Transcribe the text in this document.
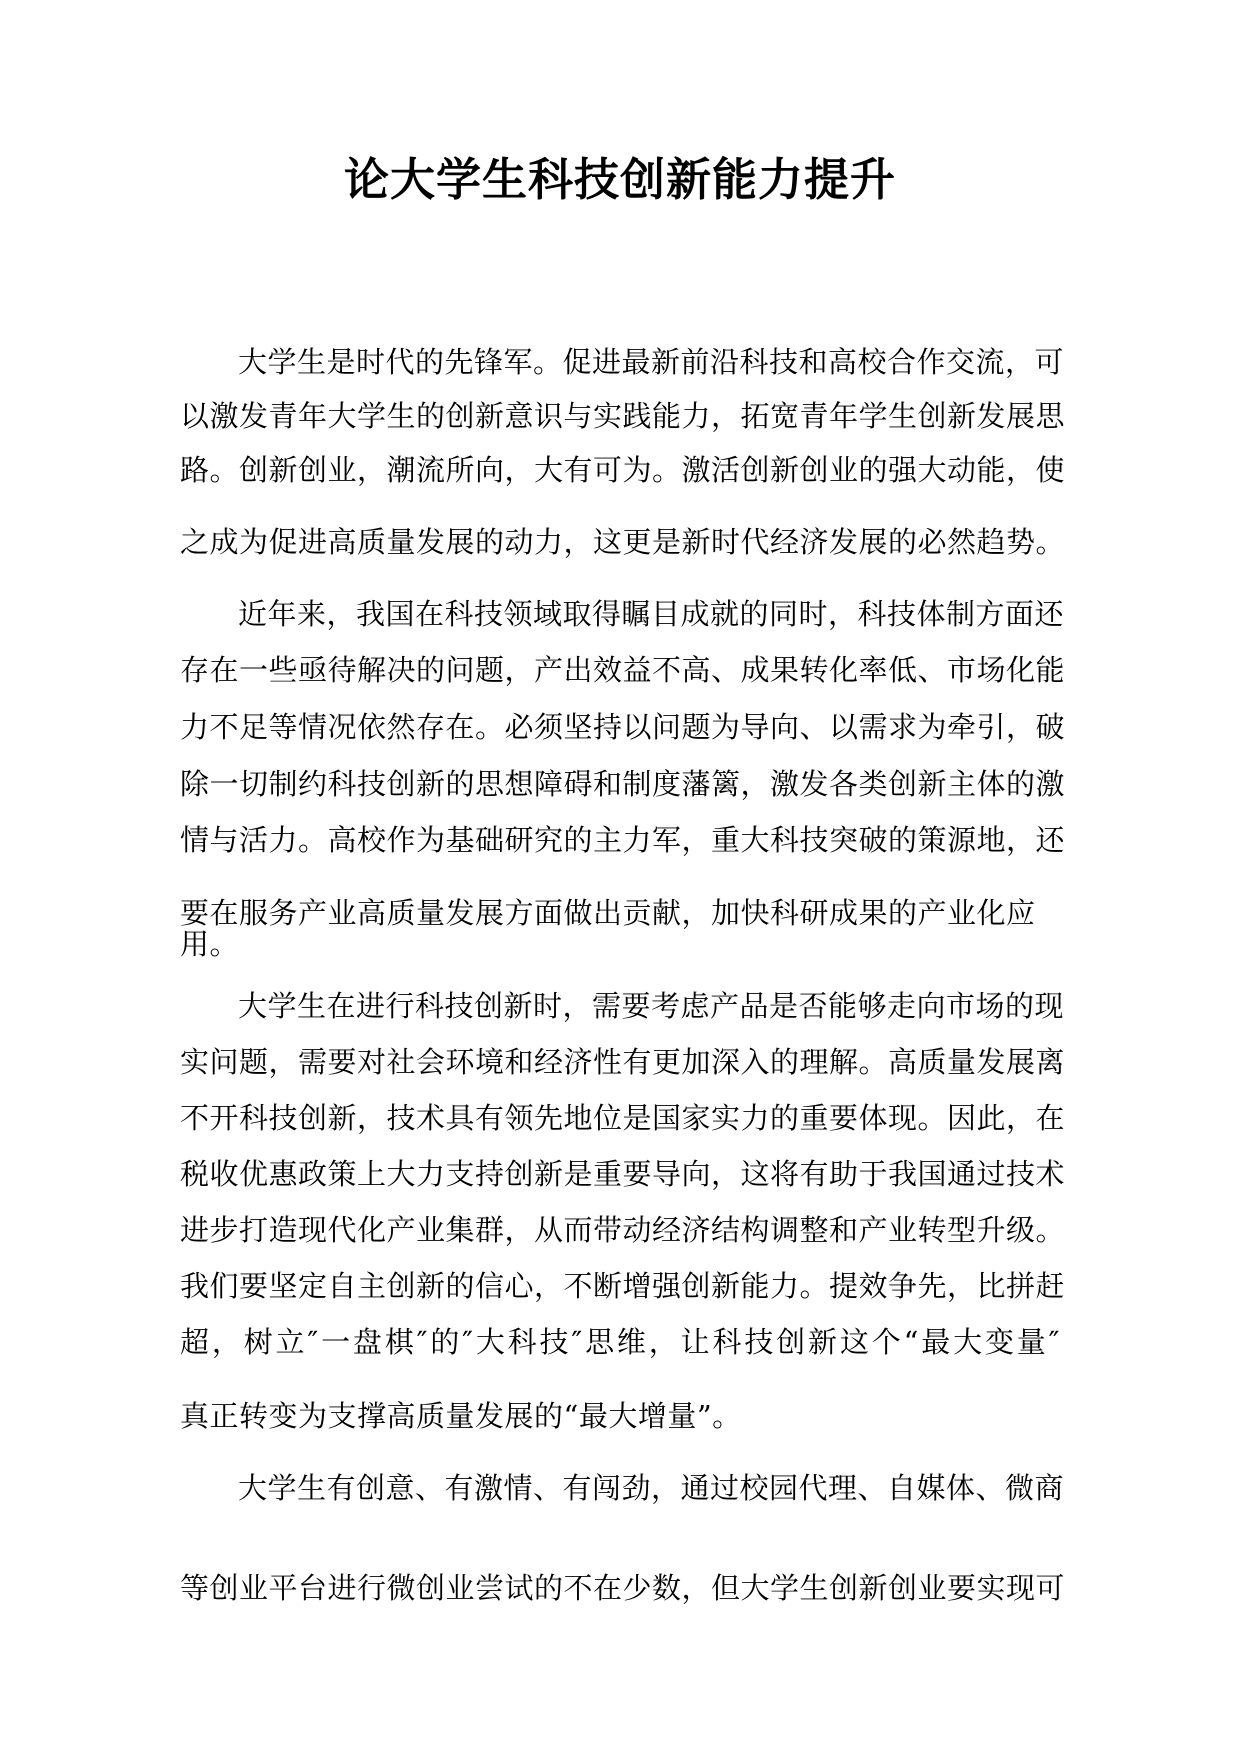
论大学生科技创新能力提升

大学生是时代的先锋军。促进最新前沿科技和高校合作交流，可

以激发青年大学生的创新意识与实践能力，拓宽青年学生创新发展思

路。创新创业，潮流所向，大有可为。激活创新创业的强大动能，使

之成为促进高质量发展的动力，这更是新时代经济发展的必然趋势。

近年来，我国在科技领域取得瞩目成就的同时，科技体制方面还

存在一些亟待解决的问题，产出效益不高、成果转化率低、市场化能

力不足等情况依然存在。必须坚持以问题为导向、以需求为牵引，破

除一切制约科技创新的思想障碍和制度藩篱，激发各类创新主体的激

情与活力。高校作为基础研究的主力军，重大科技突破的策源地，还

要在服务产业高质量发展方面做出贡献，加快科研成果的产业化应

用。

大学生在进行科技创新时，需要考虑产品是否能够走向市场的现

实问题，需要对社会环境和经济性有更加深入的理解。高质量发展离

不开科技创新，技术具有领先地位是国家实力的重要体现。因此，在

税收优惠政策上大力支持创新是重要导向，这将有助于我国通过技术

进步打造现代化产业集群，从而带动经济结构调整和产业转型升级。

我们要坚定自主创新的信心，不断增强创新能力。提效争先，比拼赶

超，树立″一盘棋″的″大科技″思维，让科技创新这个“最大变量″

真正转变为支撑高质量发展的“最大增量”。

大学生有创意、有激情、有闯劲，通过校园代理、自媒体、微商

等创业平台进行微创业尝试的不在少数，但大学生创新创业要实现可
